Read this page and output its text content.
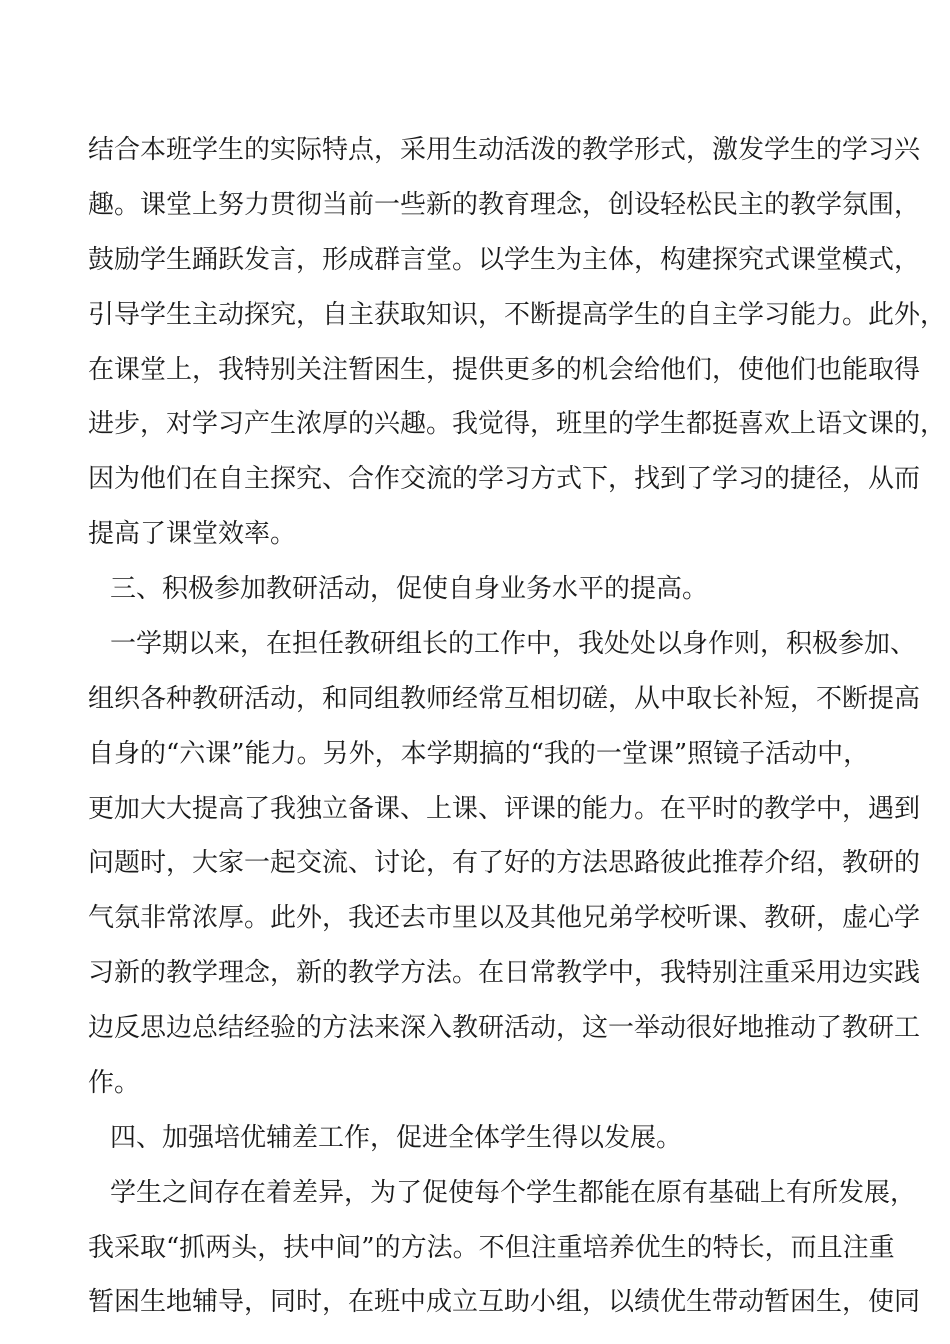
结合本班学生的实际特点，采用生动活泼的教学形式，激发学生的学习兴
趣。课堂上努力贯彻当前一些新的教育理念，创设轻松民主的教学氛围，
鼓励学生踊跃发言，形成群言堂。以学生为主体，构建探究式课堂模式，
引导学生主动探究，自主获取知识，不断提高学生的自主学习能力。此外，
在课堂上，我特别关注暂困生，提供更多的机会给他们，使他们也能取得
进步，对学习产生浓厚的兴趣。我觉得，班里的学生都挺喜欢上语文课的，
因为他们在自主探究、合作交流的学习方式下，找到了学习的捷径，从而
提高了课堂效率。
三、积极参加教研活动，促使自身业务水平的提高。
一学期以来，在担任教研组长的工作中，我处处以身作则，积极参加、
组织各种教研活动，和同组教师经常互相切磋，从中取长补短，不断提高
自身的“六课”能力。另外，本学期搞的“我的一堂课”照镜子活动中，
更加大大提高了我独立备课、上课、评课的能力。在平时的教学中，遇到
问题时，大家一起交流、讨论，有了好的方法思路彼此推荐介绍，教研的
气氛非常浓厚。此外，我还去市里以及其他兄弟学校听课、教研，虚心学
习新的教学理念，新的教学方法。在日常教学中，我特别注重采用边实践
边反思边总结经验的方法来深入教研活动，这一举动很好地推动了教研工
作。
四、加强培优辅差工作，促进全体学生得以发展。
学生之间存在着差异，为了促使每个学生都能在原有基础上有所发展，
我采取“抓两头，扶中间”的方法。不但注重培养优生的特长，而且注重
暂困生地辅导，同时，在班中成立互助小组，以绩优生带动暂困生，使同
